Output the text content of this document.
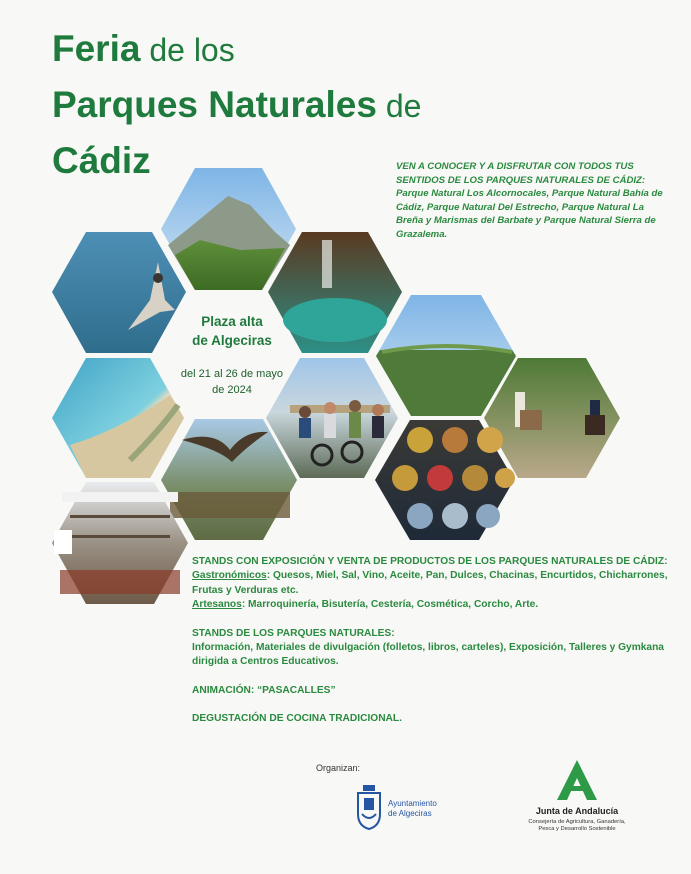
Feria de los
Parques Naturales de
Cádiz	VEN A CONOCER Y A DISFRUTAR CON TODOS TUS SENTIDOS DE LOS PARQUES NATURALES DE CÁDIZ:
Parque Natural Los Alcornocales, Parque Natural Bahía de Cádiz, Parque Natural Del Estrecho, Parque Natural La Breña y Marismas del Barbate y Parque Natural Sierra de Grazalema.
Plaza alta
de Algeciras
del 21 al 26 de mayo
de 2024

STANDS CON EXPOSICIÓN Y VENTA DE PRODUCTOS DE LOS PARQUES NATURALES DE CÁDIZ:

Gastronómicos: Quesos, Miel, Sal, Vino, Aceite, Pan, Dulces, Chacinas, Encurtidos, Chicharrones, Frutas y Verduras etc.

Artesanos: Marroquinería, Bisutería, Cestería, Cosmética, Corcho, Arte.

STANDS DE LOS PARQUES NATURALES:

Información, Materiales de divulgación (folletos, libros, carteles), Exposición, Talleres y Gymkana dirigida a Centros Educativos.

ANIMACIÓN: “PASACALLES”

DEGUSTACIÓN DE COCINA TRADICIONAL.

Organizan:
Ayuntamiento
de Algeciras	Junta de Andalucía
Consejería de Agricultura, Ganadería,
Pesca y Desarrollo Sostenible
